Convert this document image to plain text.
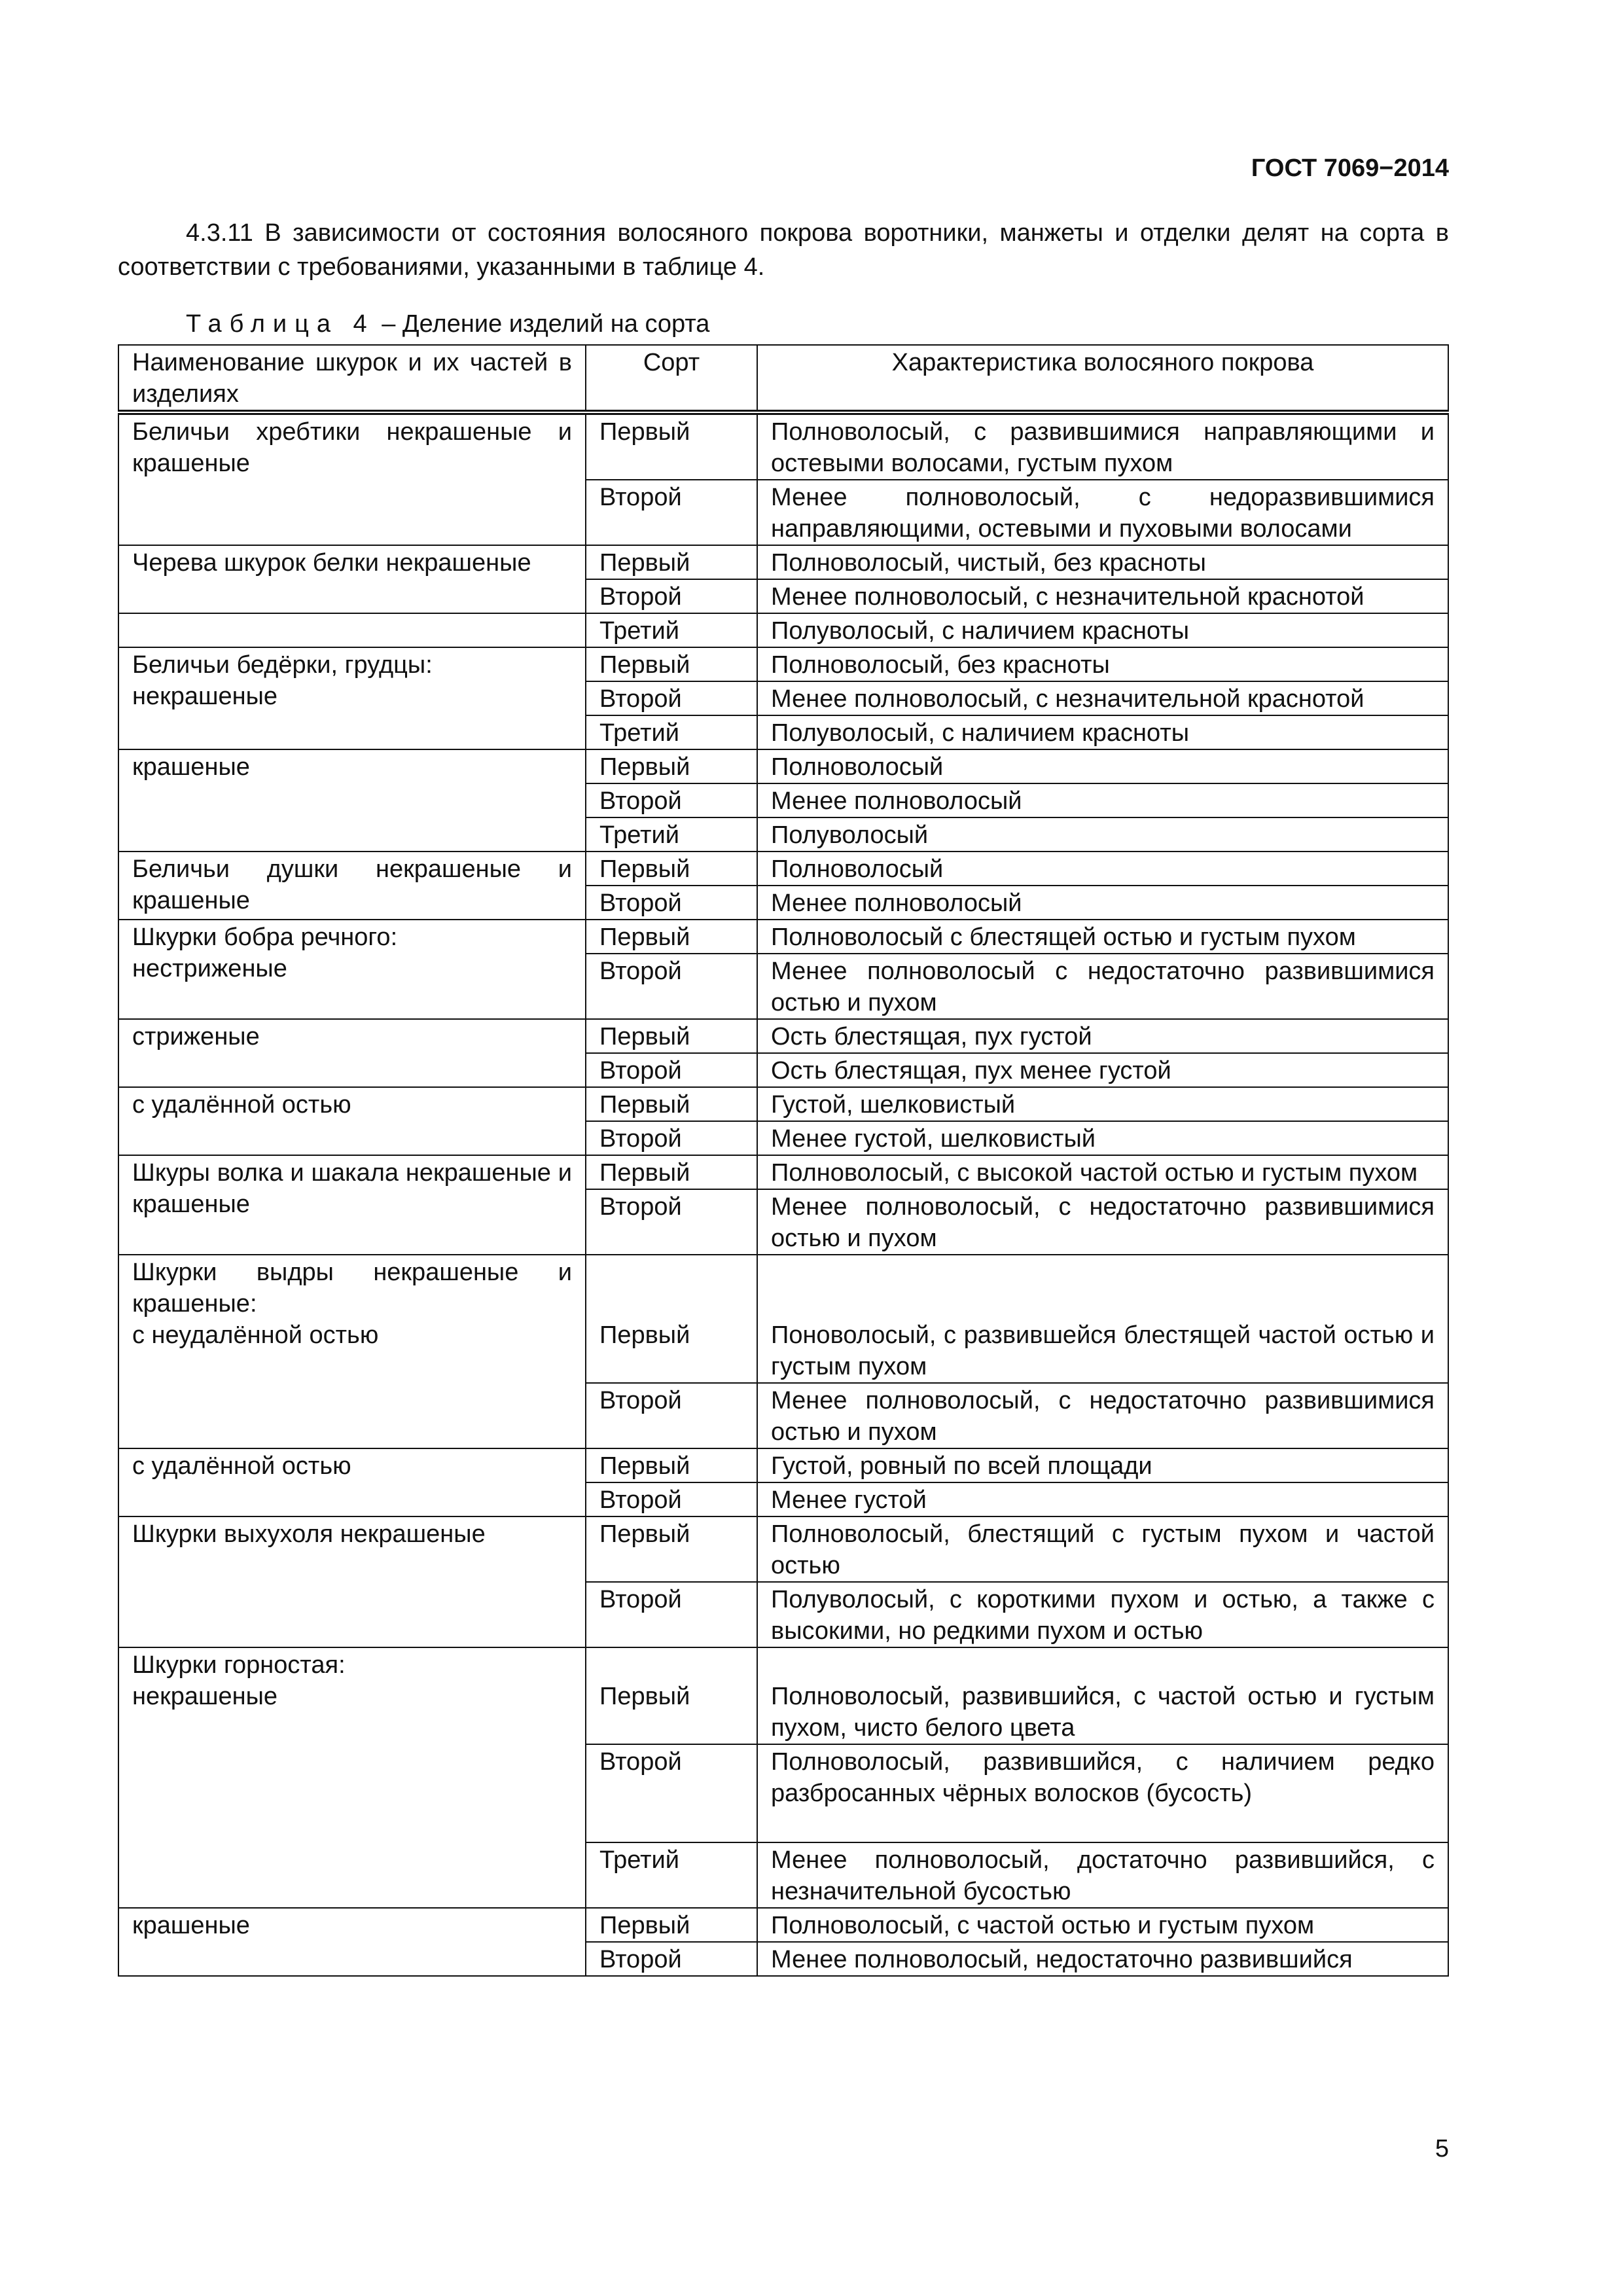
ГОСТ 7069−2014
4.3.11 В зависимости от состояния волосяного покрова воротники, манжеты и отделки делят на сорта в соответствии с требованиями, указанными в таблице 4.
Таблица 4 – Деление изделий на сорта
Наименование шкурок и их частей в изделиях	Сорт	Характеристика волосяного покрова
Беличьи хребтики некрашеные и крашеные	Первый	Полноволосый, с развившимися направляющими и остевыми волосами, густым пухом
	Второй	Менее полноволосый, с недоразвившимися направляющими, остевыми и пуховыми волосами
Черева шкурок белки некрашеные	Первый	Полноволосый, чистый, без красноты
	Второй	Менее полноволосый, с незначительной краснотой
	Третий	Полуволосый, с наличием красноты

Беличьи бедёрки, грудцы:
некрашеные	Первый	Полноволосый, без красноты
	Второй	Менее полноволосый, с незначительной краснотой
	Третий	Полуволосый, с наличием красноты
крашеные	Первый	Полноволосый
	Второй	Менее полноволосый
	Третий	Полуволосый
Беличьи душки некрашеные и крашеные	Первый	Полноволосый
	Второй	Менее полноволосый

Шкурки бобра речного:
нестриженые	Первый	Полноволосый с блестящей остью и густым пухом
	Второй	Менее полноволосый с недостаточно развившимися остью и пухом
стриженые	Первый	Ость блестящая, пух густой
	Второй	Ость блестящая, пух менее густой
с удалённой остью	Первый	Густой, шелковистый
	Второй	Менее густой, шелковистый
Шкуры волка и шакала некрашеные и крашеные	Первый	Полноволосый, с высокой частой остью и густым пухом
	Второй	Менее полноволосый, с недостаточно развившимися остью и пухом

Шкурки выдры некрашеные и крашеные:
с неудалённой остью	Первый	Поноволосый, с развившейся блестящей частой остью и густым пухом
	Второй	Менее полноволосый, с недостаточно развившимися остью и пухом
с удалённой остью	Первый	Густой, ровный по всей площади
	Второй	Менее густой
Шкурки выхухоля некрашеные	Первый	Полноволосый, блестящий с густым пухом и частой остью
	Второй	Полуволосый, с короткими пухом и остью, а также с высокими, но редкими пухом и остью

Шкурки горностая:
некрашеные	Первый	Полноволосый, развившийся, с частой остью и густым пухом, чисто белого цвета
	Второй	Полноволосый, развившийся, с наличием редко разбросанных чёрных волосков (бусость)
	Третий	Менее полноволосый, достаточно развившийся, с незначительной бусостью
крашеные	Первый	Полноволосый, с частой остью и густым пухом
	Второй	Менее полноволосый, недостаточно развившийся
5
